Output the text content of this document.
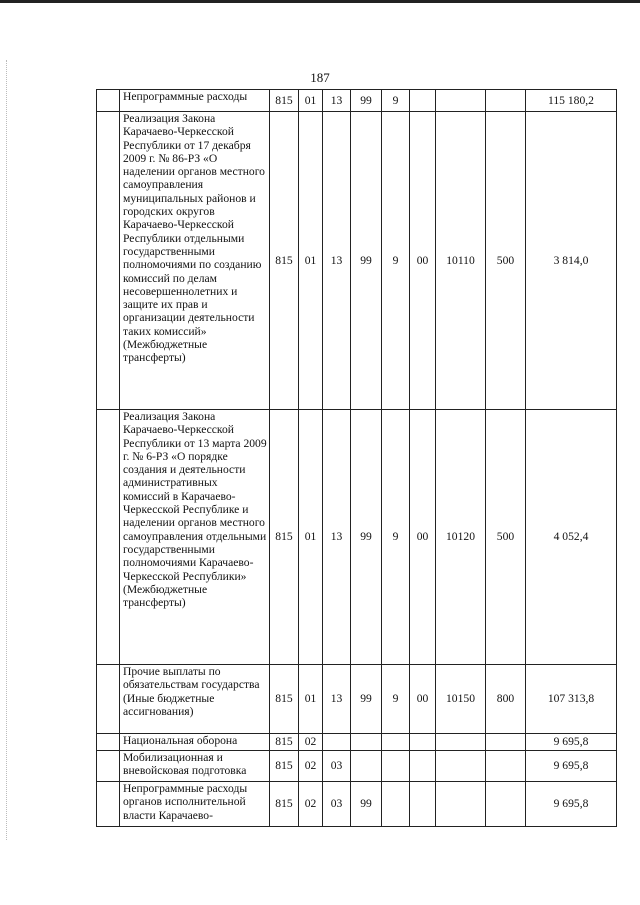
187
	Непрограммные расходы	815	01	13	99	9				115 180,2
	Реализация Закона Карачаево-Черкесской Республики от 17 декабря 2009 г. № 86-РЗ «О наделении органов местного самоуправления муниципальных районов и городских округов Карачаево-Черкесской Республики отдельными государственными полномочиями по созданию комиссий по делам несовершеннолетних и защите их прав и организации деятельности таких комиссий» (Межбюджетные трансферты)	815	01	13	99	9	00	10110	500	3 814,0
	Реализация Закона Карачаево-Черкесской Республики от 13 марта 2009 г. № 6-РЗ «О порядке создания и деятельности административных комиссий в Карачаево-Черкесской Республике и наделении органов местного самоуправления отдельными государственными полномочиями Карачаево-Черкесской Республики» (Межбюджетные трансферты)	815	01	13	99	9	00	10120	500	4 052,4
	Прочие выплаты по обязательствам государства (Иные бюджетные ассигнования)	815	01	13	99	9	00	10150	800	107 313,8
	Национальная оборона	815	02							9 695,8
	Мобилизационная и вневойсковая подготовка	815	02	03						9 695,8
	Непрограммные расходы органов исполнительной власти Карачаево-	815	02	03	99					9 695,8
